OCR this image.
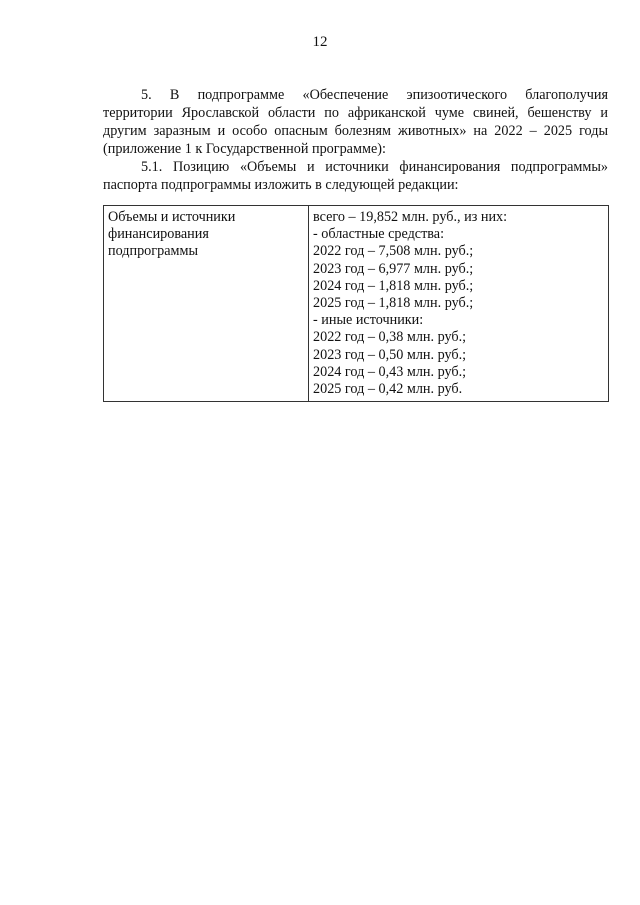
12

5. В подпрограмме «Обеспечение эпизоотического благополучия
территории Ярославской области по африканской чуме свиней, бешенству и
другим заразным и особо опасным болезням животных» на 2022 – 2025 годы
(приложение 1 к Государственной программе):

5.1. Позицию «Объемы и источники финансирования подпрограммы»
паспорта подпрограммы изложить в следующей редакции:

Объемы и источники
финансирования
подпрограммы

всего – 19,852 млн. руб., из них:
- областные средства:
2022 год – 7,508 млн. руб.;
2023 год – 6,977 млн. руб.;
2024 год – 1,818 млн. руб.;
2025 год – 1,818 млн. руб.;
- иные источники:
2022 год – 0,38 млн. руб.;
2023 год – 0,50 млн. руб.;
2024 год – 0,43 млн. руб.;
2025 год – 0,42 млн. руб.
